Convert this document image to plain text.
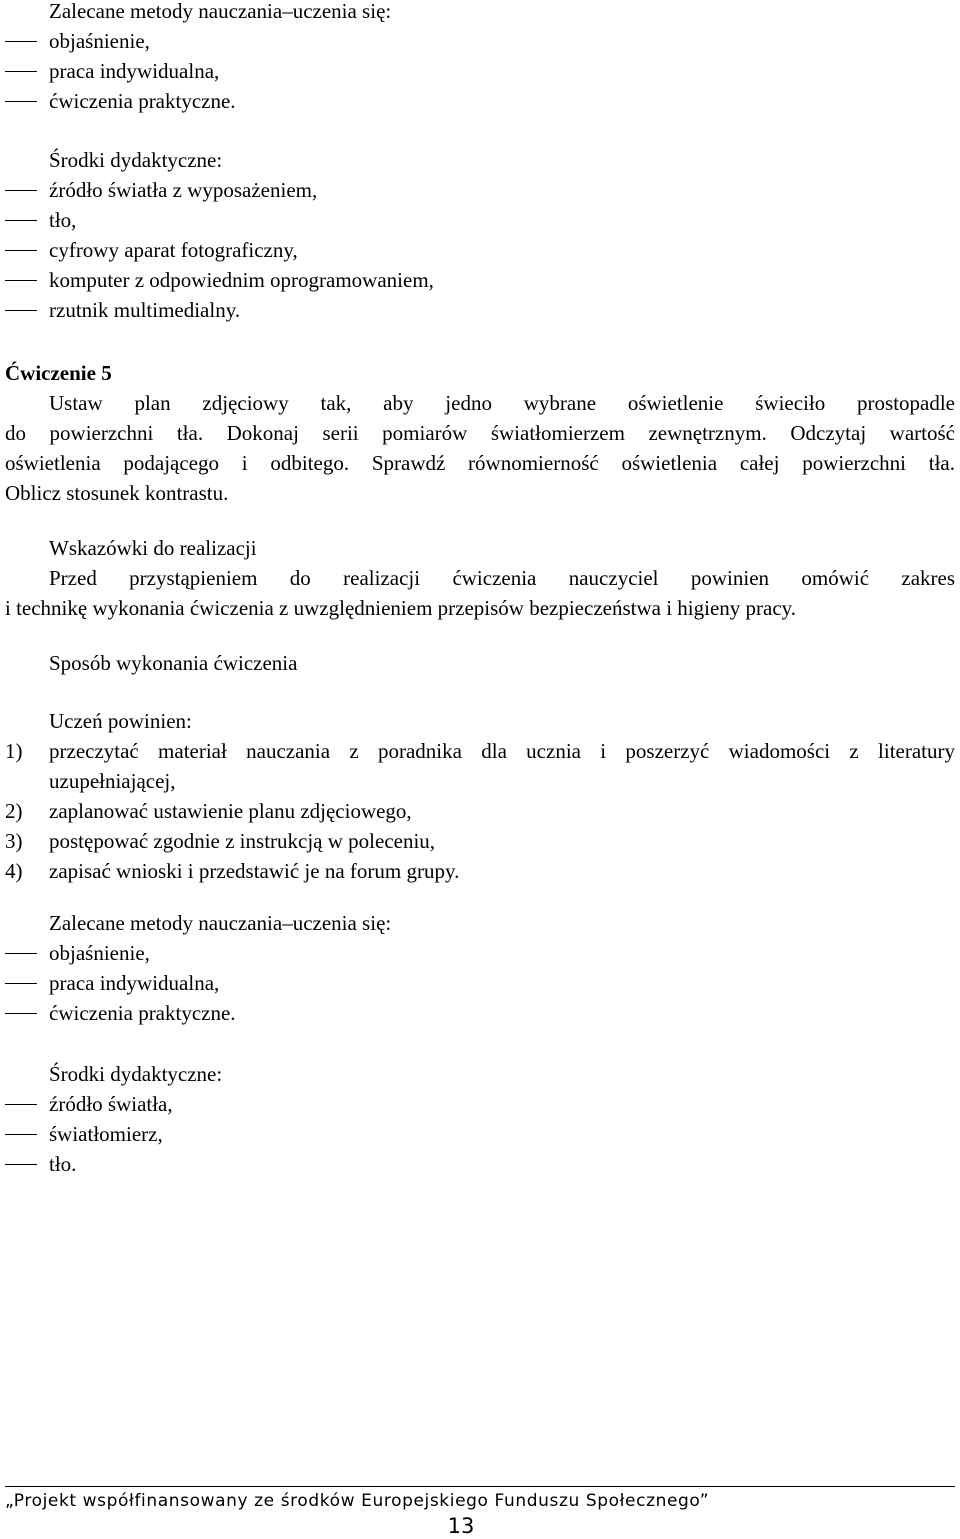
Zalecane metody nauczania–uczenia się:
objaśnienie,
praca indywidualna,
ćwiczenia praktyczne.
Środki dydaktyczne:
źródło światła z wyposażeniem,
tło,
cyfrowy aparat fotograficzny,
komputer z odpowiednim oprogramowaniem,
rzutnik multimedialny.
Ćwiczenie 5
Ustaw plan zdjęciowy tak, aby jedno wybrane oświetlenie świeciło prostopadle
do powierzchni tła. Dokonaj serii pomiarów światłomierzem zewnętrznym. Odczytaj wartość
oświetlenia podającego i odbitego. Sprawdź równomierność oświetlenia całej powierzchni tła.
Oblicz stosunek kontrastu.
Wskazówki do realizacji
Przed przystąpieniem do realizacji ćwiczenia nauczyciel powinien omówić zakres
i technikę wykonania ćwiczenia z uwzględnieniem przepisów bezpieczeństwa i higieny pracy.
Sposób wykonania ćwiczenia
Uczeń powinien:
1) przeczytać materiał nauczania z poradnika dla ucznia i poszerzyć wiadomości z literatury
uzupełniającej,
2) zaplanować ustawienie planu zdjęciowego,
3) postępować zgodnie z instrukcją w poleceniu,
4) zapisać wnioski i przedstawić je na forum grupy.
Zalecane metody nauczania–uczenia się:
objaśnienie,
praca indywidualna,
ćwiczenia praktyczne.
Środki dydaktyczne:
źródło światła,
światłomierz,
tło.
„Projekt współfinansowany ze środków Europejskiego Funduszu Społecznego”
13
